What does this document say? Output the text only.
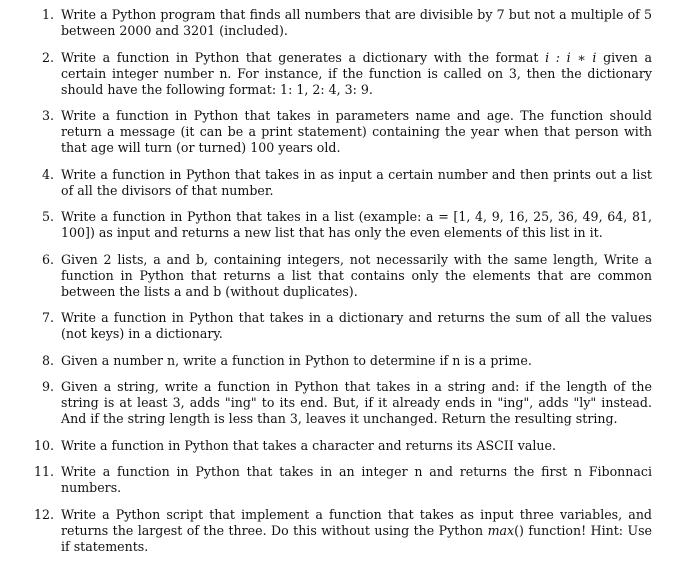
1. Write a Python program that finds all numbers that are divisible by 7 but not a multiple of 5 between 2000 and 3201 (included).
2. Write a function in Python that generates a dictionary with the format i : i ∗ i given a certain integer number n. For instance, if the function is called on 3, then the dictionary should have the following format: 1: 1, 2: 4, 3: 9.
3. Write a function in Python that takes in parameters name and age. The function should return a message (it can be a print statement) containing the year when that person with that age will turn (or turned) 100 years old.
4. Write a function in Python that takes in as input a certain number and then prints out a list of all the divisors of that number.
5. Write a function in Python that takes in a list (example: a = [1, 4, 9, 16, 25, 36, 49, 64, 81, 100]) as input and returns a new list that has only the even elements of this list in it.
6. Given 2 lists, a and b, containing integers, not necessarily with the same length, Write a function in Python that returns a list that contains only the elements that are common between the lists a and b (without duplicates).
7. Write a function in Python that takes in a dictionary and returns the sum of all the values (not keys) in a dictionary.
8. Given a number n, write a function in Python to determine if n is a prime.
9. Given a string, write a function in Python that takes in a string and: if the length of the string is at least 3, adds "ing" to its end. But, if it already ends in "ing", adds "ly" instead. And if the string length is less than 3, leaves it unchanged. Return the resulting string.
10. Write a function in Python that takes a character and returns its ASCII value.
11. Write a function in Python that takes in an integer n and returns the first n Fibonnaci numbers.
12. Write a Python script that implement a function that takes as input three variables, and returns the largest of the three. Do this without using the Python max() function! Hint: Use if statements.
